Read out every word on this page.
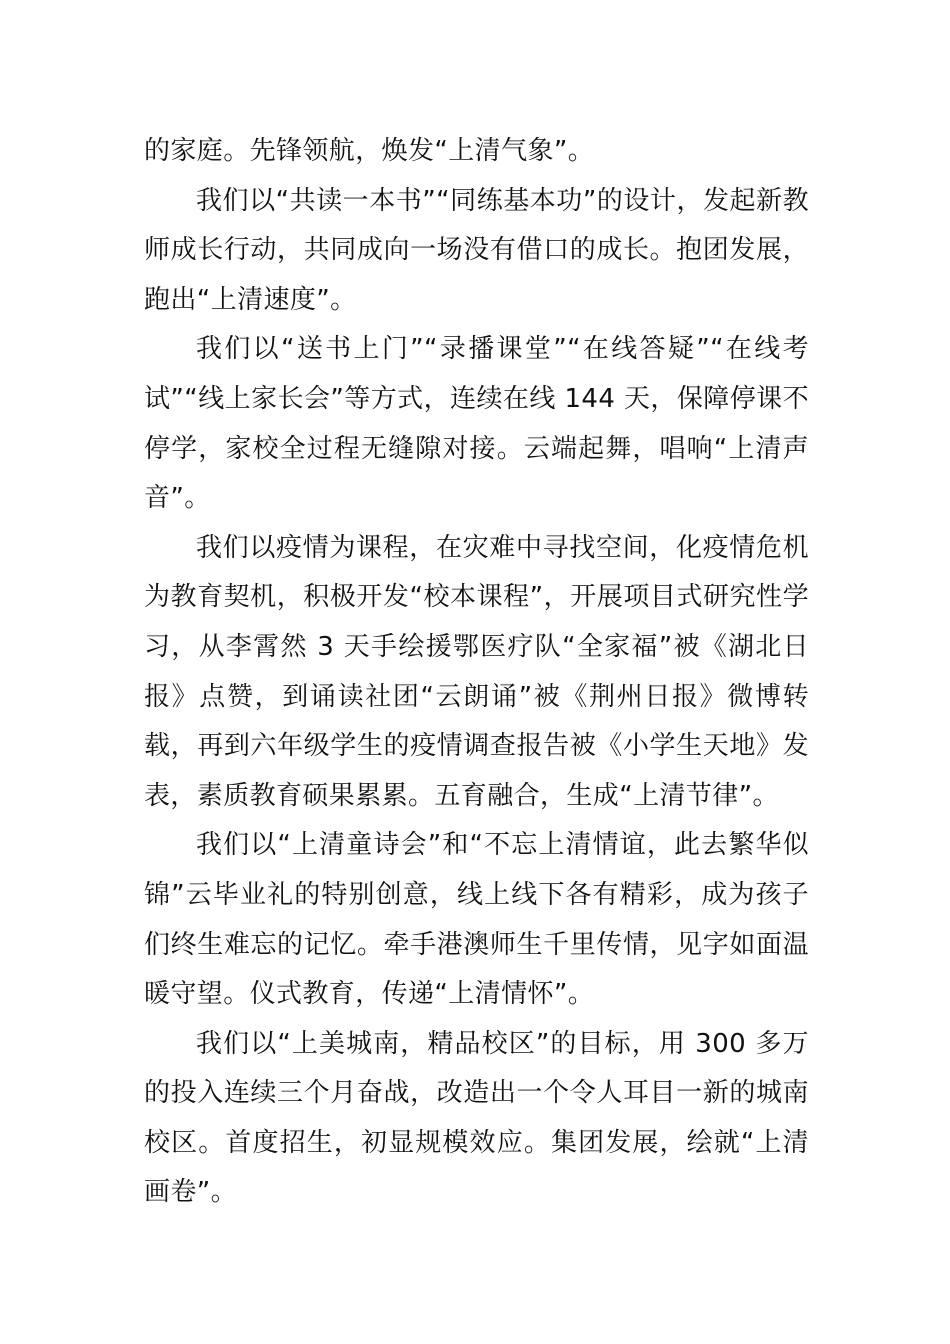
的家庭。先锋领航，焕发“上清气象”。

我们以“共读一本书”“同练基本功”的设计，发起新教师成长行动，共同成向一场没有借口的成长。抱团发展，跑出“上清速度”。

我们以“送书上门”“录播课堂”“在线答疑”“在线考试”“线上家长会”等方式，连续在线 144 天，保障停课不停学，家校全过程无缝隙对接。云端起舞，唱响“上清声音”。

我们以疫情为课程，在灾难中寻找空间，化疫情危机为教育契机，积极开发“校本课程”，开展项目式研究性学习，从李霄然 3 天手绘援鄂医疗队“全家福”被《湖北日报》点赞，到诵读社团“云朗诵”被《荆州日报》微博转载，再到六年级学生的疫情调查报告被《小学生天地》发表，素质教育硕果累累。五育融合，生成“上清节律”。

我们以“上清童诗会”和“不忘上清情谊，此去繁华似锦”云毕业礼的特别创意，线上线下各有精彩，成为孩子们终生难忘的记忆。牵手港澳师生千里传情，见字如面温暖守望。仪式教育，传递“上清情怀”。

我们以“上美城南，精品校区”的目标，用 300 多万的投入连续三个月奋战，改造出一个令人耳目一新的城南校区。首度招生，初显规模效应。集团发展，绘就“上清画卷”。
